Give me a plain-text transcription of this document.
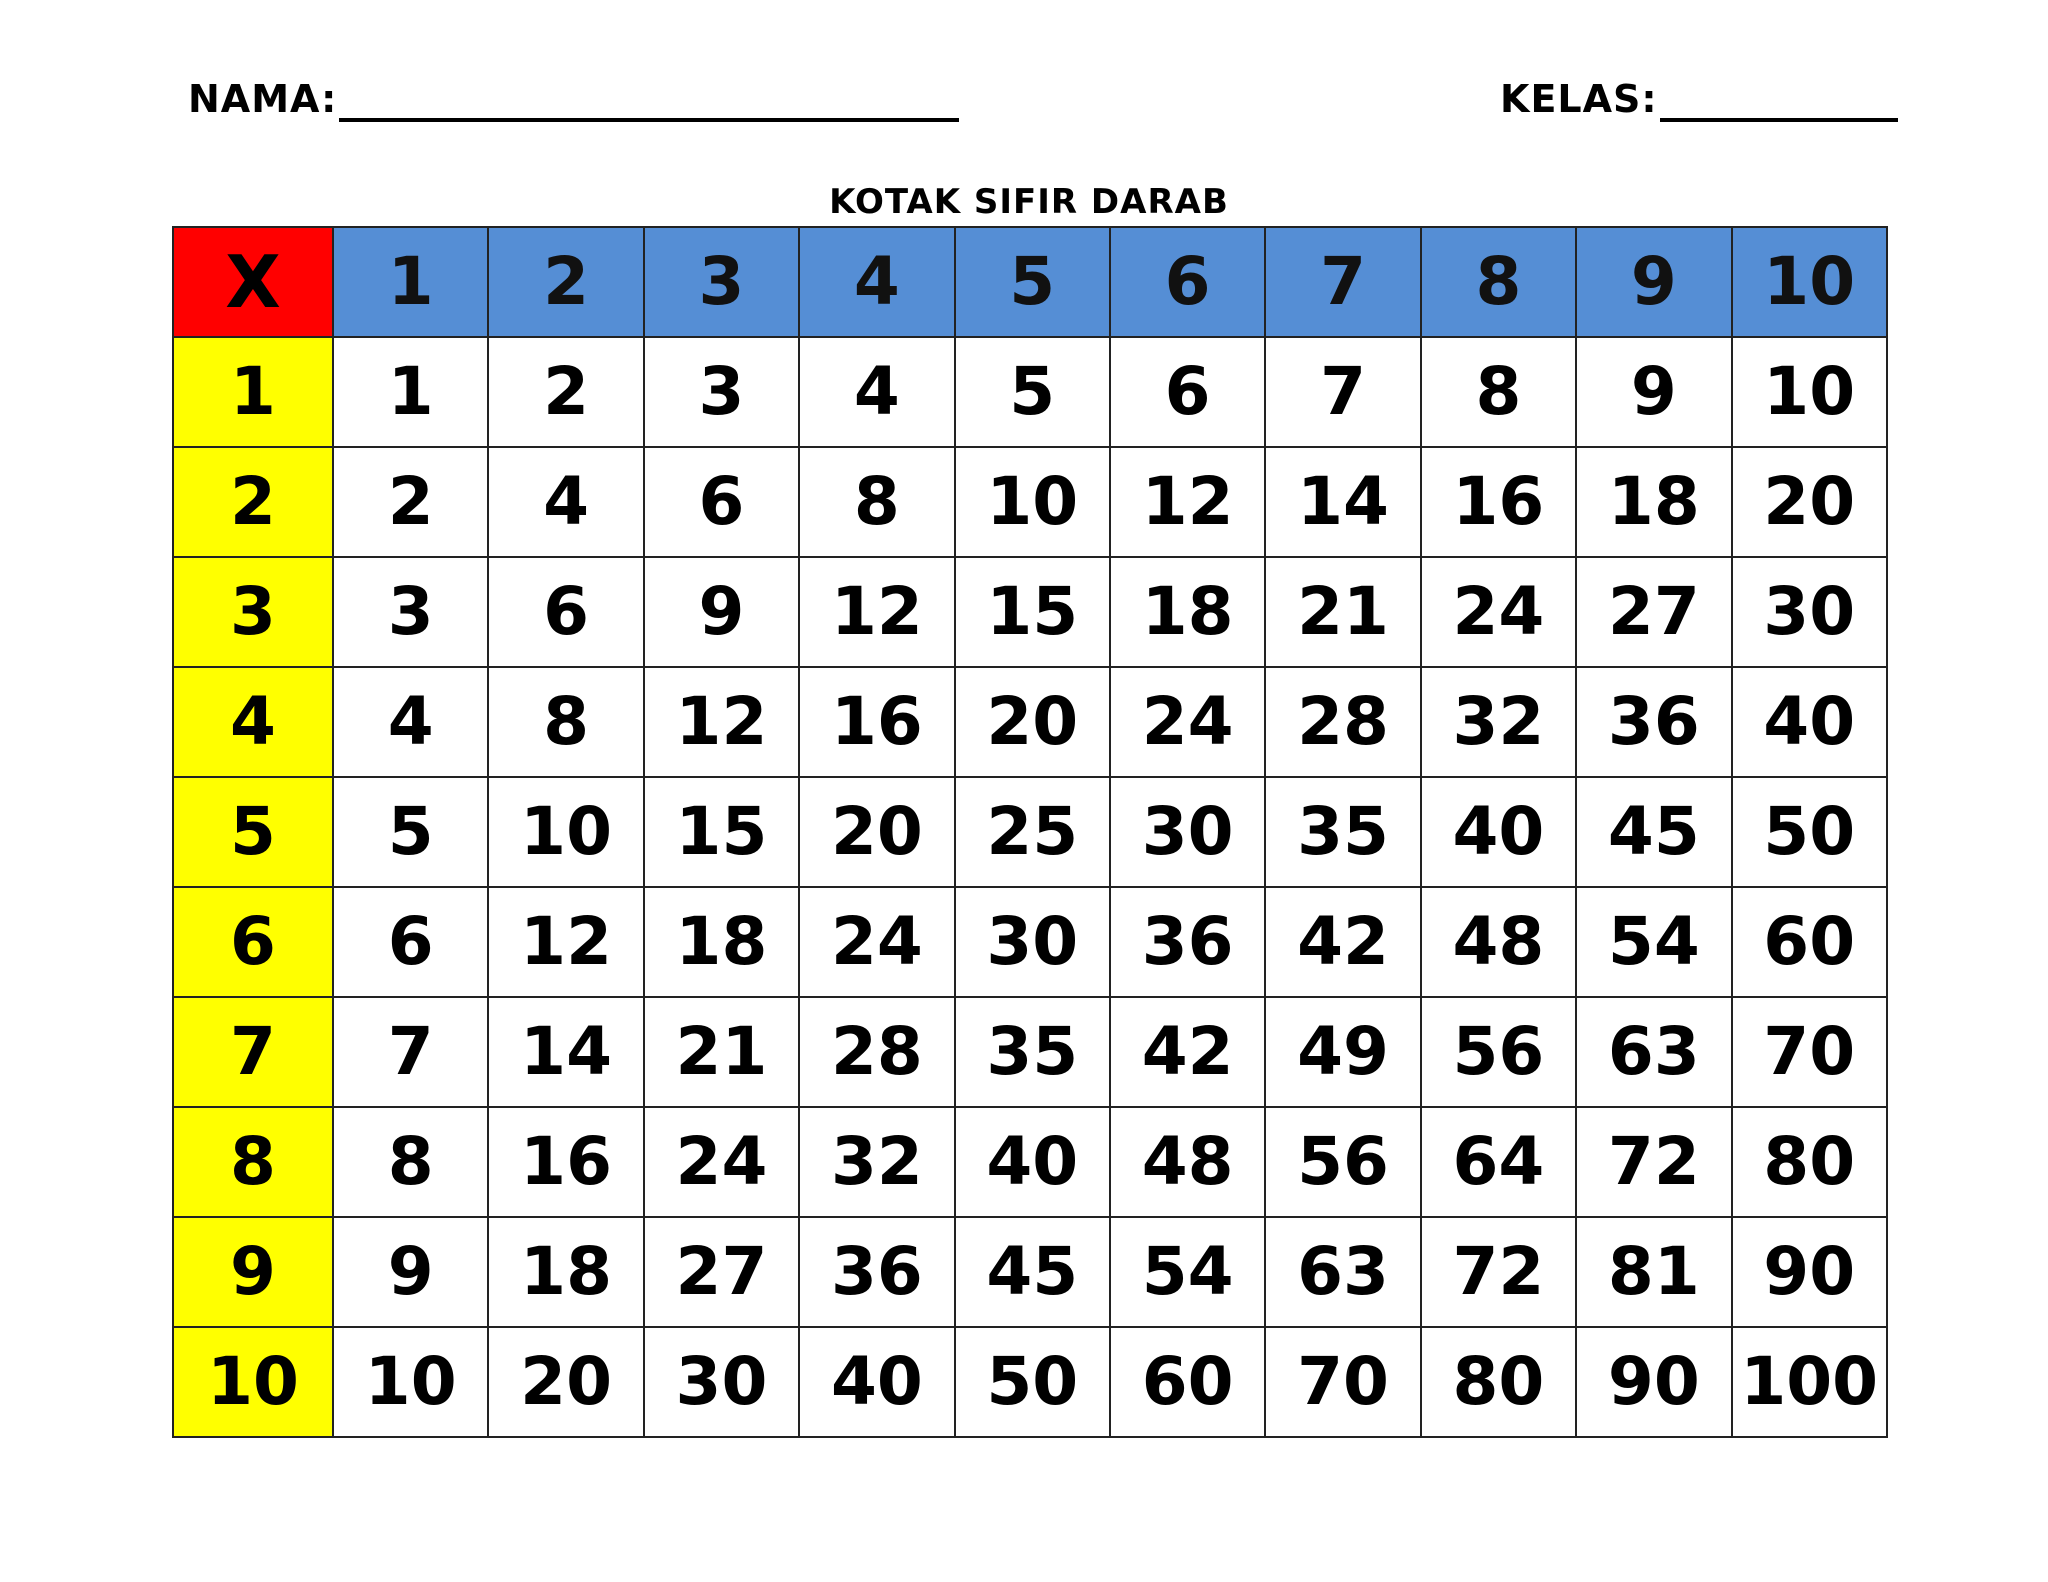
NAMA:	KELAS:
KOTAK SIFIR DARAB
X	1	2	3	4	5	6	7	8	9	10
1	1	2	3	4	5	6	7	8	9	10
2	2	4	6	8	10	12	14	16	18	20
3	3	6	9	12	15	18	21	24	27	30
4	4	8	12	16	20	24	28	32	36	40
5	5	10	15	20	25	30	35	40	45	50
6	6	12	18	24	30	36	42	48	54	60
7	7	14	21	28	35	42	49	56	63	70
8	8	16	24	32	40	48	56	64	72	80
9	9	18	27	36	45	54	63	72	81	90
10	10	20	30	40	50	60	70	80	90	100
